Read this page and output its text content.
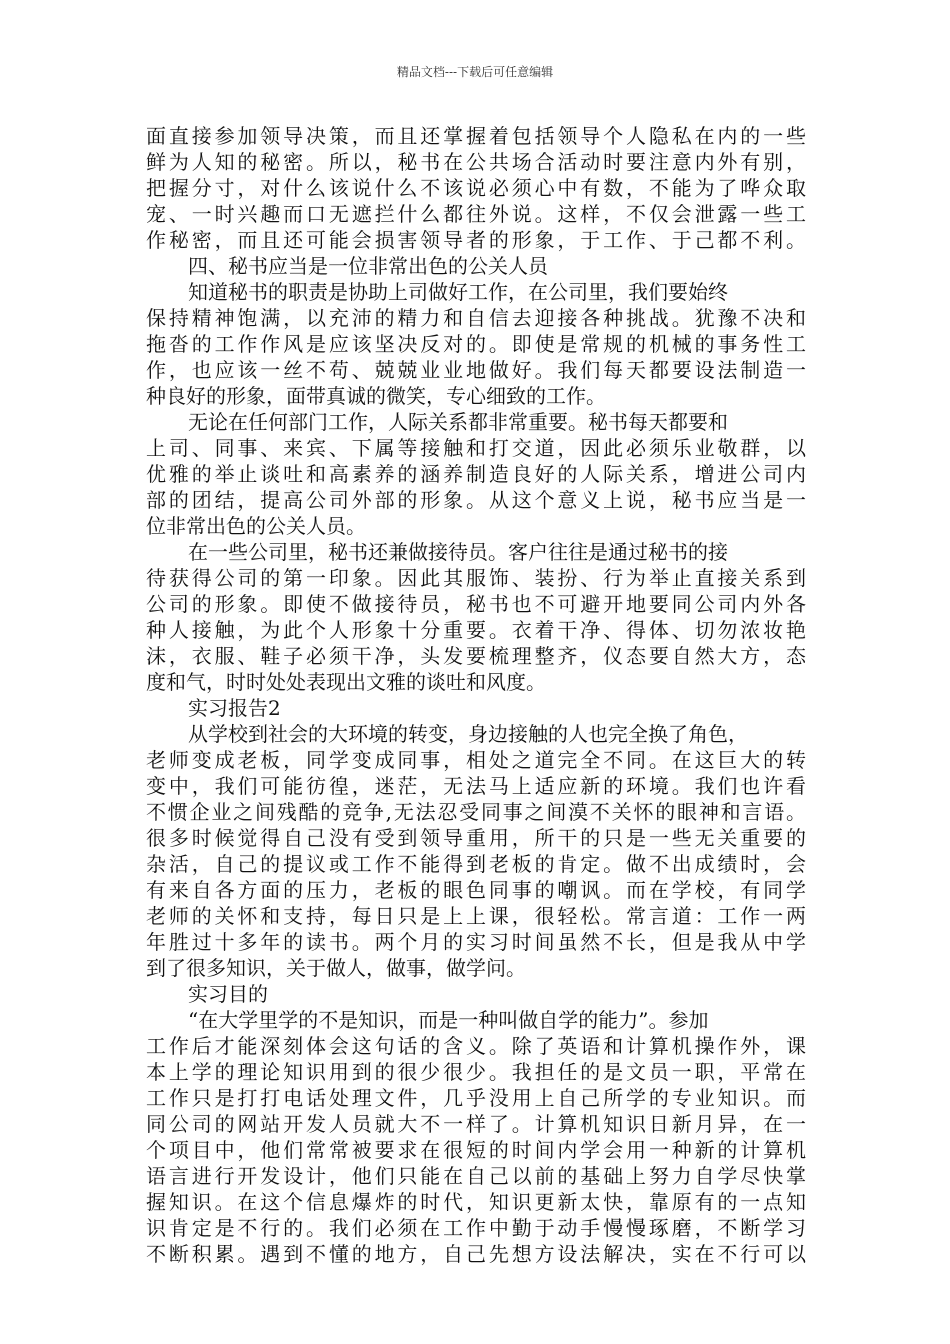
精品文档---下载后可任意编辑
面直接参加领导决策，而且还掌握着包括领导个人隐私在内的一些
鲜为人知的秘密。所以，秘书在公共场合活动时要注意内外有别，
把握分寸，对什么该说什么不该说必须心中有数，不能为了哗众取
宠、一时兴趣而口无遮拦什么都往外说。这样，不仅会泄露一些工
作秘密，而且还可能会损害领导者的形象，于工作、于己都不利。
四、秘书应当是一位非常出色的公关人员
知道秘书的职责是协助上司做好工作，在公司里，我们要始终
保持精神饱满，以充沛的精力和自信去迎接各种挑战。犹豫不决和
拖沓的工作作风是应该坚决反对的。即使是常规的机械的事务性工
作，也应该一丝不苟、兢兢业业地做好。我们每天都要设法制造一
种良好的形象，面带真诚的微笑，专心细致的工作。
无论在任何部门工作，人际关系都非常重要。秘书每天都要和
上司、同事、来宾、下属等接触和打交道，因此必须乐业敬群，以
优雅的举止谈吐和高素养的涵养制造良好的人际关系，增进公司内
部的团结，提高公司外部的形象。从这个意义上说，秘书应当是一
位非常出色的公关人员。
在一些公司里，秘书还兼做接待员。客户往往是通过秘书的接
待获得公司的第一印象。因此其服饰、装扮、行为举止直接关系到
公司的形象。即使不做接待员，秘书也不可避开地要同公司内外各
种人接触，为此个人形象十分重要。衣着干净、得体、切勿浓妆艳
沫，衣服、鞋子必须干净，头发要梳理整齐，仪态要自然大方，态
度和气，时时处处表现出文雅的谈吐和风度。
实习报告2
从学校到社会的大环境的转变，身边接触的人也完全换了角色，
老师变成老板，同学变成同事，相处之道完全不同。在这巨大的转
变中，我们可能彷徨，迷茫，无法马上适应新的环境。我们也许看
不惯企业之间残酷的竞争,无法忍受同事之间漠不关怀的眼神和言语。
很多时候觉得自己没有受到领导重用，所干的只是一些无关重要的
杂活，自己的提议或工作不能得到老板的肯定。做不出成绩时，会
有来自各方面的压力，老板的眼色同事的嘲讽。而在学校，有同学
老师的关怀和支持，每日只是上上课，很轻松。常言道：工作一两
年胜过十多年的读书。两个月的实习时间虽然不长，但是我从中学
到了很多知识，关于做人，做事，做学问。
实习目的
“在大学里学的不是知识，而是一种叫做自学的能力”。参加
工作后才能深刻体会这句话的含义。除了英语和计算机操作外，课
本上学的理论知识用到的很少很少。我担任的是文员一职，平常在
工作只是打打电话处理文件，几乎没用上自己所学的专业知识。而
同公司的网站开发人员就大不一样了。计算机知识日新月异，在一
个项目中，他们常常被要求在很短的时间内学会用一种新的计算机
语言进行开发设计，他们只能在自己以前的基础上努力自学尽快掌
握知识。在这个信息爆炸的时代，知识更新太快，靠原有的一点知
识肯定是不行的。我们必须在工作中勤于动手慢慢琢磨，不断学习
不断积累。遇到不懂的地方，自己先想方设法解决，实在不行可以
